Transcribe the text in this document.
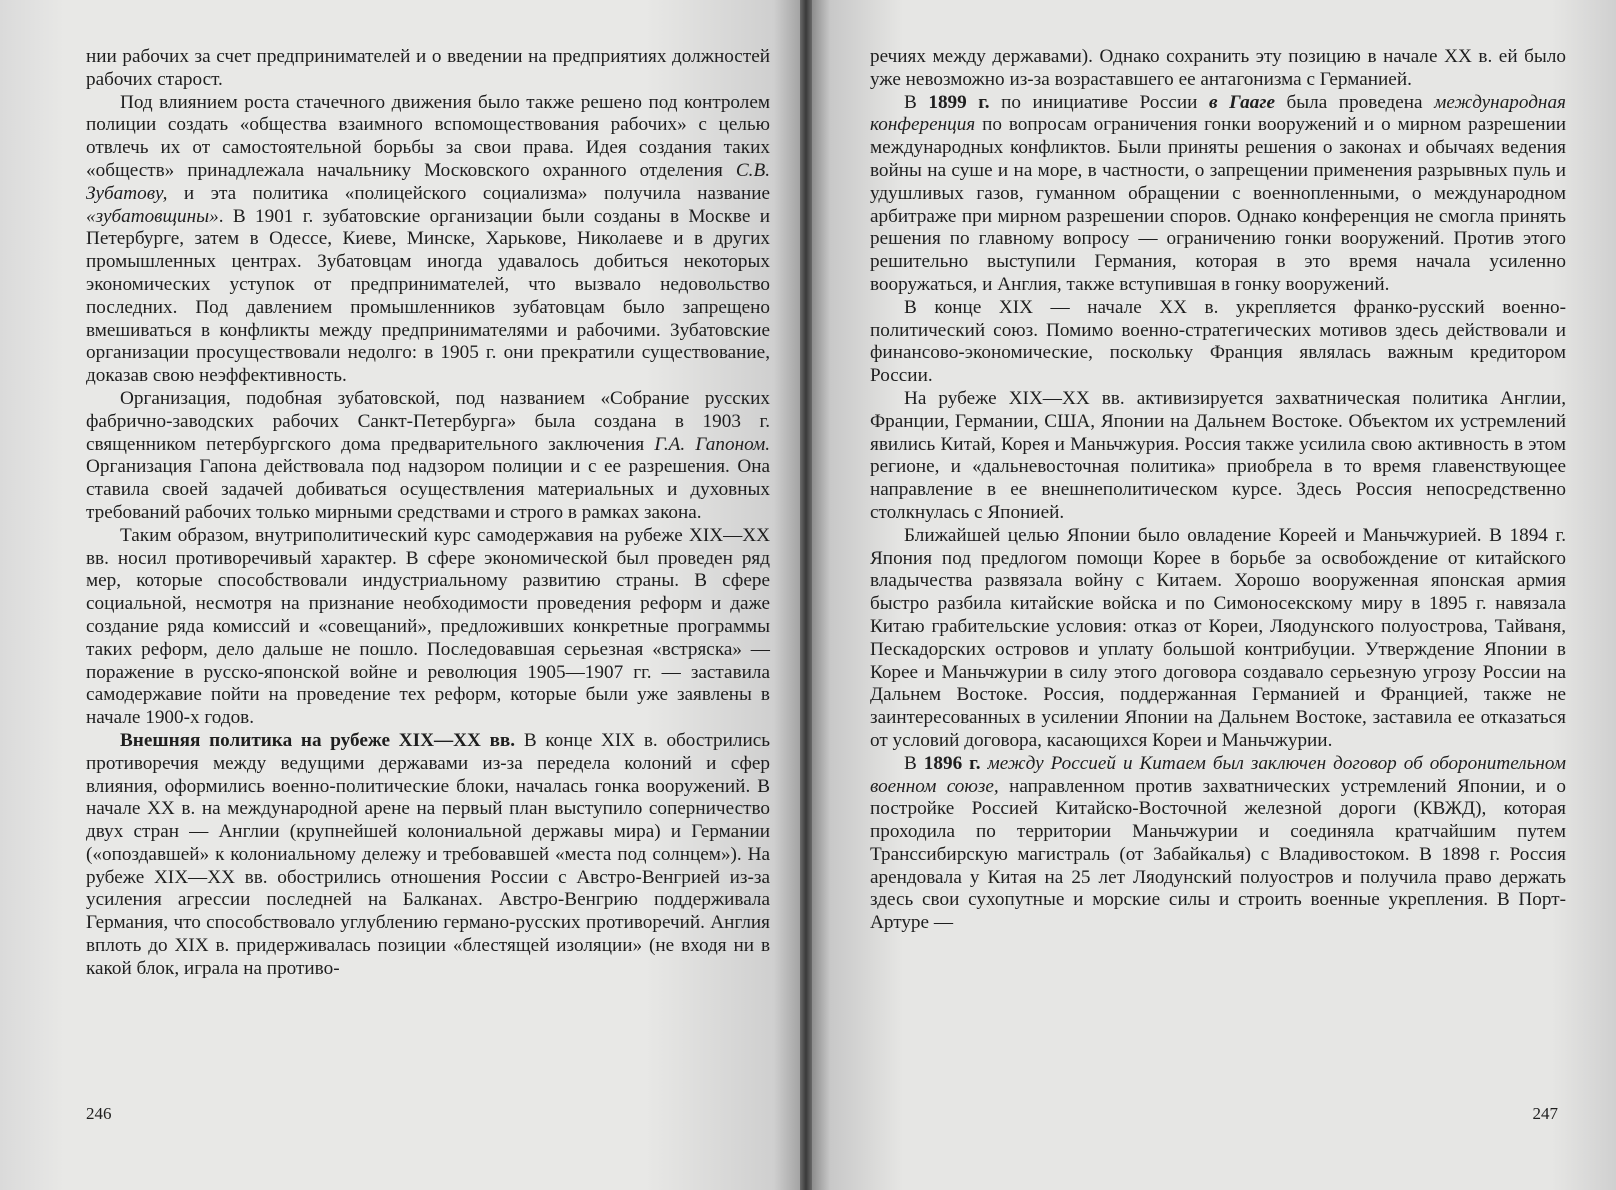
нии рабочих за счет предпринимателей и о введении на предприятиях должностей рабочих старост.

Под влиянием роста стачечного движения было также решено под контролем полиции создать «общества взаимного вспомоществования рабочих» с целью отвлечь их от самостоятельной борьбы за свои права. Идея создания таких «обществ» принадлежала начальнику Московского охранного отделения С.В. Зубатову, и эта политика «полицейского социализма» получила название «зубатовщины». В 1901 г. зубатовские организации были созданы в Москве и Петербурге, затем в Одессе, Киеве, Минске, Харькове, Николаеве и в других промышленных центрах. Зубатовцам иногда удавалось добиться некоторых экономических уступок от предпринимателей, что вызвало недовольство последних. Под давлением промышленников зубатовцам было запрещено вмешиваться в конфликты между предпринимателями и рабочими. Зубатовские организации просуществовали недолго: в 1905 г. они прекратили существование, доказав свою неэффективность.

Организация, подобная зубатовской, под названием «Собрание русских фабрично-заводских рабочих Санкт-Петербурга» была создана в 1903 г. священником петербургского дома предварительного заключения Г.А. Гапоном. Организация Гапона действовала под надзором полиции и с ее разрешения. Она ставила своей задачей добиваться осуществления материальных и духовных требований рабочих только мирными средствами и строго в рамках закона.

Таким образом, внутриполитический курс самодержавия на рубеже XIX—XX вв. носил противоречивый характер. В сфере экономической был проведен ряд мер, которые способствовали индустриальному развитию страны. В сфере социальной, несмотря на признание необходимости проведения реформ и даже создание ряда комиссий и «совещаний», предложивших конкретные программы таких реформ, дело дальше не пошло. Последовавшая серьезная «встряска» — поражение в русско-японской войне и революция 1905—1907 гг. — заставила самодержавие пойти на проведение тех реформ, которые были уже заявлены в начале 1900-х годов.

Внешняя политика на рубеже XIX—XX вв. В конце XIX в. обострились противоречия между ведущими державами из-за передела колоний и сфер влияния, оформились военно-политические блоки, началась гонка вооружений. В начале XX в. на международной арене на первый план выступило соперничество двух стран — Англии (крупнейшей колониальной державы мира) и Германии («опоздавшей» к колониальному дележу и требовавшей «места под солнцем»). На рубеже XIX—XX вв. обострились отношения России с Австро-Венгрией из-за усиления агрессии последней на Балканах. Австро-Венгрию поддерживала Германия, что способствовало углублению германо-русских противоречий. Англия вплоть до XIX в. придерживалась позиции «блестящей изоляции» (не входя ни в какой блок, играла на противо-

246

речиях между державами). Однако сохранить эту позицию в начале XX в. ей было уже невозможно из-за возраставшего ее антагонизма с Германией.

В 1899 г. по инициативе России в Гааге была проведена международная конференция по вопросам ограничения гонки вооружений и о мирном разрешении международных конфликтов. Были приняты решения о законах и обычаях ведения войны на суше и на море, в частности, о запрещении применения разрывных пуль и удушливых газов, гуманном обращении с военнопленными, о международном арбитраже при мирном разрешении споров. Однако конференция не смогла принять решения по главному вопросу — ограничению гонки вооружений. Против этого решительно выступили Германия, которая в это время начала усиленно вооружаться, и Англия, также вступившая в гонку вооружений.

В конце XIX — начале XX в. укрепляется франко-русский военно-политический союз. Помимо военно-стратегических мотивов здесь действовали и финансово-экономические, поскольку Франция являлась важным кредитором России.

На рубеже XIX—XX вв. активизируется захватническая политика Англии, Франции, Германии, США, Японии на Дальнем Востоке. Объектом их устремлений явились Китай, Корея и Маньчжурия. Россия также усилила свою активность в этом регионе, и «дальневосточная политика» приобрела в то время главенствующее направление в ее внешнеполитическом курсе. Здесь Россия непосредственно столкнулась с Японией.

Ближайшей целью Японии было овладение Кореей и Маньчжурией. В 1894 г. Япония под предлогом помощи Корее в борьбе за освобождение от китайского владычества развязала войну с Китаем. Хорошо вооруженная японская армия быстро разбила китайские войска и по Симоносекскому миру в 1895 г. навязала Китаю грабительские условия: отказ от Кореи, Ляодунского полуострова, Тайваня, Пескадорских островов и уплату большой контрибуции. Утверждение Японии в Корее и Маньчжурии в силу этого договора создавало серьезную угрозу России на Дальнем Востоке. Россия, поддержанная Германией и Францией, также не заинтересованных в усилении Японии на Дальнем Востоке, заставила ее отказаться от условий договора, касающихся Кореи и Маньчжурии.

В 1896 г. между Россией и Китаем был заключен договор об оборонительном военном союзе, направленном против захватнических устремлений Японии, и о постройке Россией Китайско-Восточной железной дороги (КВЖД), которая проходила по территории Маньчжурии и соединяла кратчайшим путем Транссибирскую магистраль (от Забайкалья) с Владивостоком. В 1898 г. Россия арендовала у Китая на 25 лет Ляодунский полуостров и получила право держать здесь свои сухопутные и морские силы и строить военные укрепления. В Порт-Артуре —

247
